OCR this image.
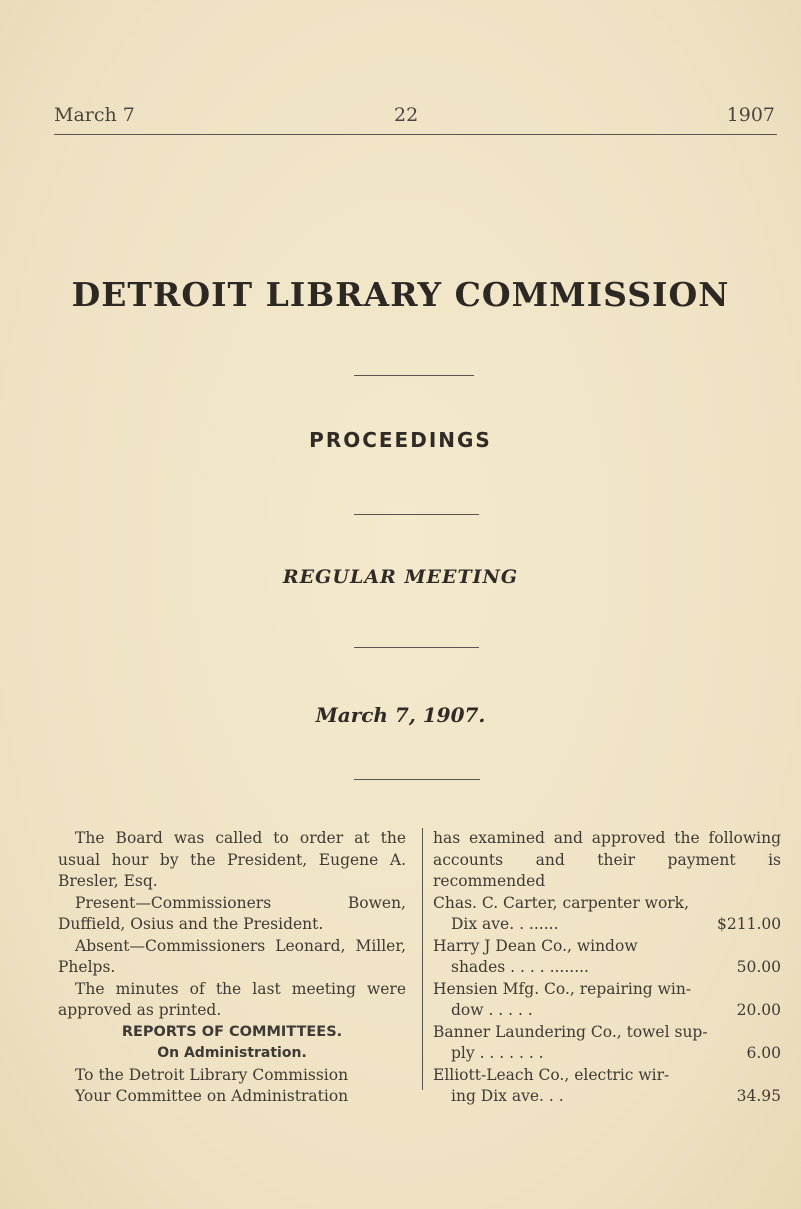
March 7	22	1907
DETROIT LIBRARY COMMISSION
PROCEEDINGS
REGULAR MEETING
March 7, 1907.

The Board was called to order at the usual hour by the President, Eugene A. Bresler, Esq.

Present—Commissioners Bowen, Duffield, Osius and the President.

Absent—Commissioners Leonard, Miller, Phelps.

The minutes of the last meeting were approved as printed.

REPORTS OF COMMITTEES.

On Administration.

To the Detroit Library Commission

Your Committee on Administration

has examined and approved the following accounts and their payment is recommended

Chas. C. Carter, carpenter work,
Dix ave. . ......	$211.00
Harry J Dean Co., window
shades . . . . ........	50.00
Hensien Mfg. Co., repairing win-
dow . . . . .	20.00
Banner Laundering Co., towel sup-
ply . . . . . . .	6.00
Elliott-Leach Co., electric wir-
ing Dix ave. . .	34.95
